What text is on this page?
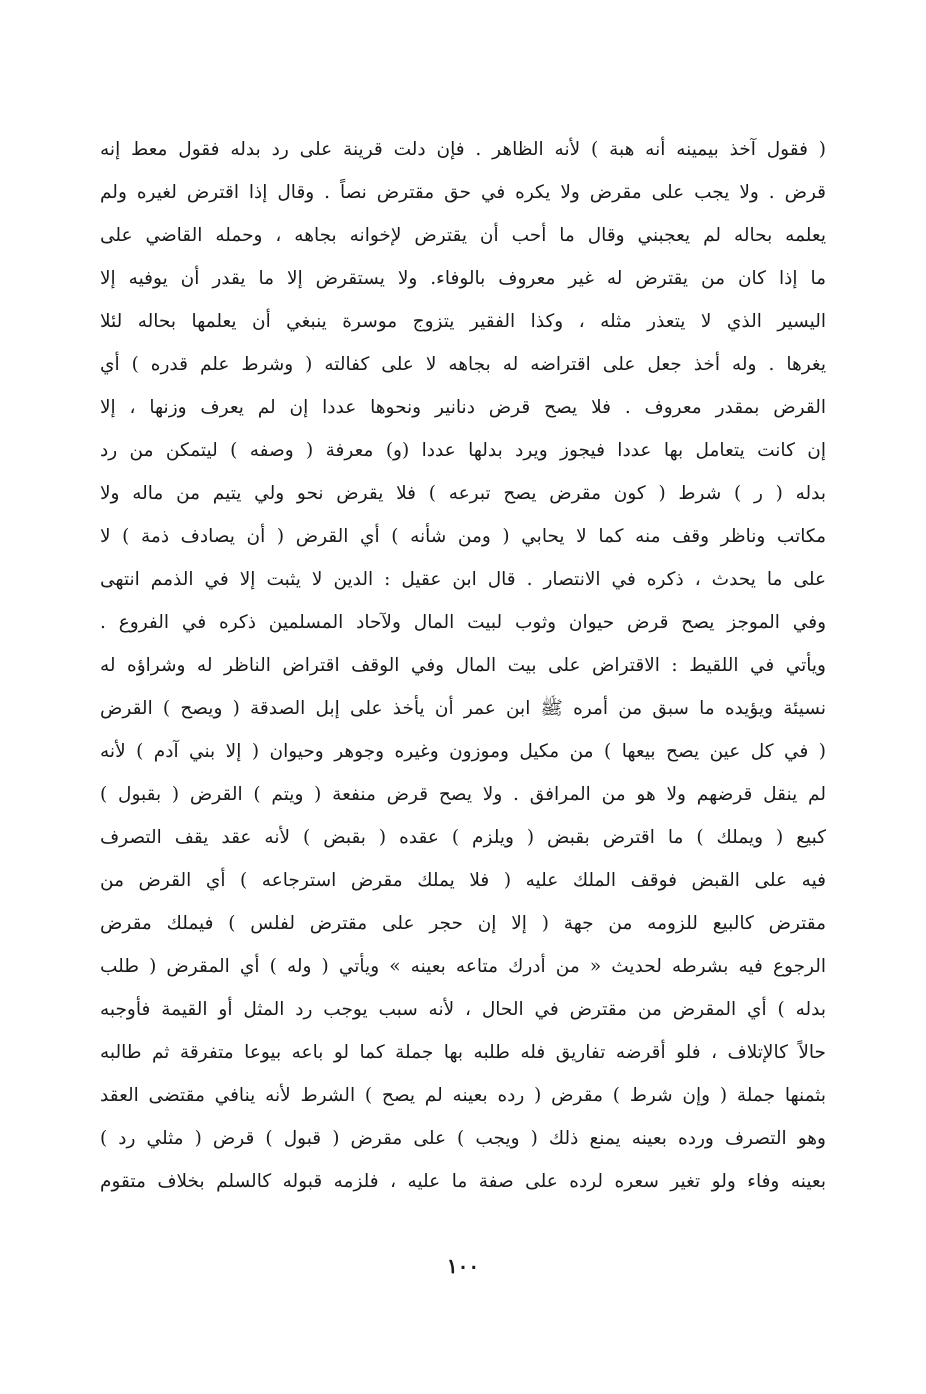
( فقول آخذ بيمينه أنه هبة ) لأنه الظاهر . فإن دلت قرينة على رد بدله فقول معط إنه
قرض . ولا يجب على مقرض ولا يكره في حق مقترض نصاً . وقال إذا اقترض لغيره ولم
يعلمه بحاله لم يعجبني وقال ما أحب أن يقترض لإخوانه بجاهه ، وحمله القاضي على
ما إذا كان من يقترض له غير معروف بالوفاء. ولا يستقرض إلا ما يقدر أن يوفيه إلا
اليسير الذي لا يتعذر مثله ، وكذا الفقير يتزوج موسرة ينبغي أن يعلمها بحاله لئلا
يغرها . وله أخذ جعل على اقتراضه له بجاهه لا على كفالته ( وشرط علم قدره ) أي
القرض بمقدر معروف . فلا يصح قرض دنانير ونحوها عددا إن لم يعرف وزنها ، إلا
إن كانت يتعامل بها عددا فيجوز ويرد بدلها عددا (و) معرفة ( وصفه ) ليتمكن من رد
بدله ( ر ) شرط ( كون مقرض يصح تبرعه ) فلا يقرض نحو ولي يتيم من ماله ولا
مكاتب وناظر وقف منه كما لا يحابي ( ومن شأنه ) أي القرض ( أن يصادف ذمة ) لا
على ما يحدث ، ذكره في الانتصار . قال ابن عقيل : الدين لا يثبت إلا في الذمم انتهى
وفي الموجز يصح قرض حيوان وثوب لبيت المال ولآحاد المسلمين ذكره في الفروع .
ويأتي في اللقيط : الاقتراض على بيت المال وفي الوقف اقتراض الناظر له وشراؤه له
نسيئة ويؤيده ما سبق من أمره ﷺ ابن عمر أن يأخذ على إبل الصدقة ( ويصح ) القرض
( في كل عين يصح بيعها ) من مكيل وموزون وغيره وجوهر وحيوان ( إلا بني آدم ) لأنه
لم ينقل قرضهم ولا هو من المرافق . ولا يصح قرض منفعة ( ويتم ) القرض ( بقبول )
كبيع ( ويملك ) ما اقترض بقبض ( ويلزم ) عقده ( بقبض ) لأنه عقد يقف التصرف
فيه على القبض فوقف الملك عليه ( فلا يملك مقرض استرجاعه ) أي القرض من
مقترض كالبيع للزومه من جهة ( إلا إن حجر على مقترض لفلس ) فيملك مقرض
الرجوع فيه بشرطه لحديث « من أدرك متاعه بعينه » ويأتي ( وله ) أي المقرض ( طلب
بدله ) أي المقرض من مقترض في الحال ، لأنه سبب يوجب رد المثل أو القيمة فأوجبه
حالاً كالإتلاف ، فلو أقرضه تفاريق فله طلبه بها جملة كما لو باعه بيوعا متفرقة ثم طالبه
بثمنها جملة ( وإن شرط ) مقرض ( رده بعينه لم يصح ) الشرط لأنه ينافي مقتضى العقد
وهو التصرف ورده بعينه يمنع ذلك ( ويجب ) على مقرض ( قبول ) قرض ( مثلي رد )
بعينه وفاء ولو تغير سعره لرده على صفة ما عليه ، فلزمه قبوله كالسلم بخلاف متقوم
١٠٠
